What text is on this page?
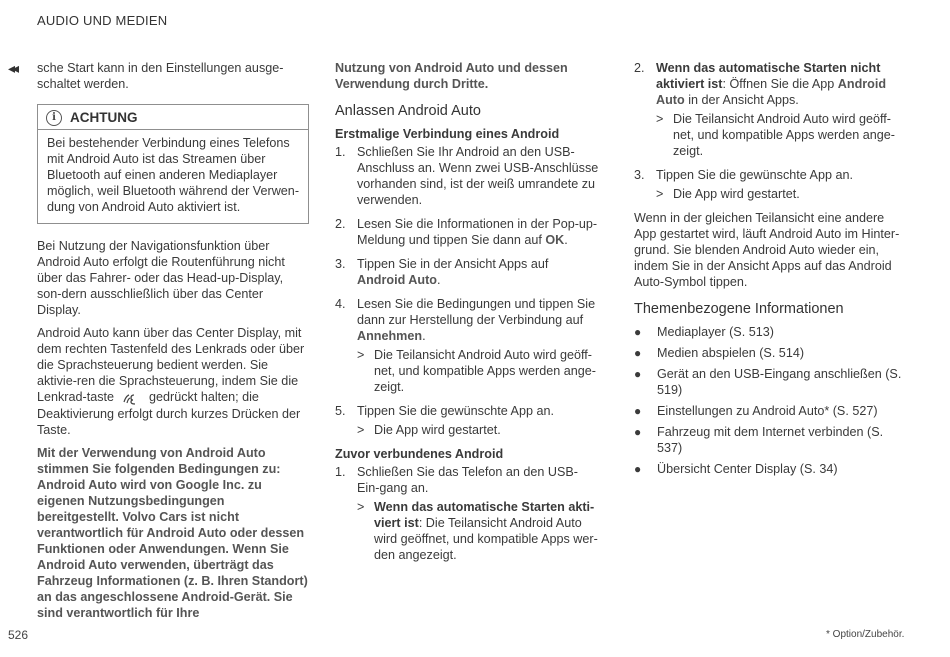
AUDIO UND MEDIEN
◂◂ sche Start kann in den Einstellungen ausge-schaltet werden.

i	ACHTUNG
Bei bestehender Verbindung eines Telefons mit Android Auto ist das Streamen über Bluetooth auf einen anderen Mediaplayer möglich, weil Bluetooth während der Verwen-dung von Android Auto aktiviert ist.

Bei Nutzung der Navigationsfunktion über Android Auto erfolgt die Routenführung nicht über das Fahrer- oder das Head-up-Display, son-dern ausschließlich über das Center Display.

Android Auto kann über das Center Display, mit dem rechten Tastenfeld des Lenkrads oder über die Sprachsteuerung bedient werden. Sie aktivie-ren die Sprachsteuerung, indem Sie die Lenkrad-taste	gedrückt halten; die Deaktivierung erfolgt durch kurzes Drücken der Taste.

Mit der Verwendung von Android Auto stimmen Sie folgenden Bedingungen zu: Android Auto wird von Google Inc. zu eigenen Nutzungsbedingungen bereitgestellt. Volvo Cars ist nicht verantwortlich für Android Auto oder dessen Funktionen oder Anwendungen. Wenn Sie Android Auto verwenden, überträgt das Fahrzeug Informationen (z. B. Ihren Standort) an das angeschlossene Android-Gerät. Sie sind verantwortlich für Ihre

Nutzung von Android Auto und dessen Verwendung durch Dritte.

Anlassen Android Auto
Erstmalige Verbindung eines Android
1. Schließen Sie Ihr Android an den USB-Anschluss an. Wenn zwei USB-Anschlüsse vorhanden sind, ist der weiß umrandete zu verwenden.
2. Lesen Sie die Informationen in der Pop-up-Meldung und tippen Sie dann auf OK.
3. Tippen Sie in der Ansicht Apps auf Android Auto.
4. Lesen Sie die Bedingungen und tippen Sie dann zur Herstellung der Verbindung auf Annehmen.
> Die Teilansicht Android Auto wird geöff-net, und kompatible Apps werden ange-zeigt.
5. Tippen Sie die gewünschte App an.
> Die App wird gestartet.
Zuvor verbundenes Android
1. Schließen Sie das Telefon an den USB-Ein-gang an.
> Wenn das automatische Starten akti-viert ist: Die Teilansicht Android Auto wird geöffnet, und kompatible Apps wer-den angezeigt.
2. Wenn das automatische Starten nicht aktiviert ist: Öffnen Sie die App Android Auto in der Ansicht Apps.
> Die Teilansicht Android Auto wird geöff-net, und kompatible Apps werden ange-zeigt.
3. Tippen Sie die gewünschte App an.
> Die App wird gestartet.

Wenn in der gleichen Teilansicht eine andere App gestartet wird, läuft Android Auto im Hinter-grund. Sie blenden Android Auto wieder ein, indem Sie in der Ansicht Apps auf das Android Auto-Symbol tippen.

Themenbezogene Informationen
●	Mediaplayer (S. 513)
●	Medien abspielen (S. 514)
●	Gerät an den USB-Eingang anschließen (S. 519)
●	Einstellungen zu Android Auto* (S. 527)
●	Fahrzeug mit dem Internet verbinden (S. 537)
●	Übersicht Center Display (S. 34)
526	* Option/Zubehör.
